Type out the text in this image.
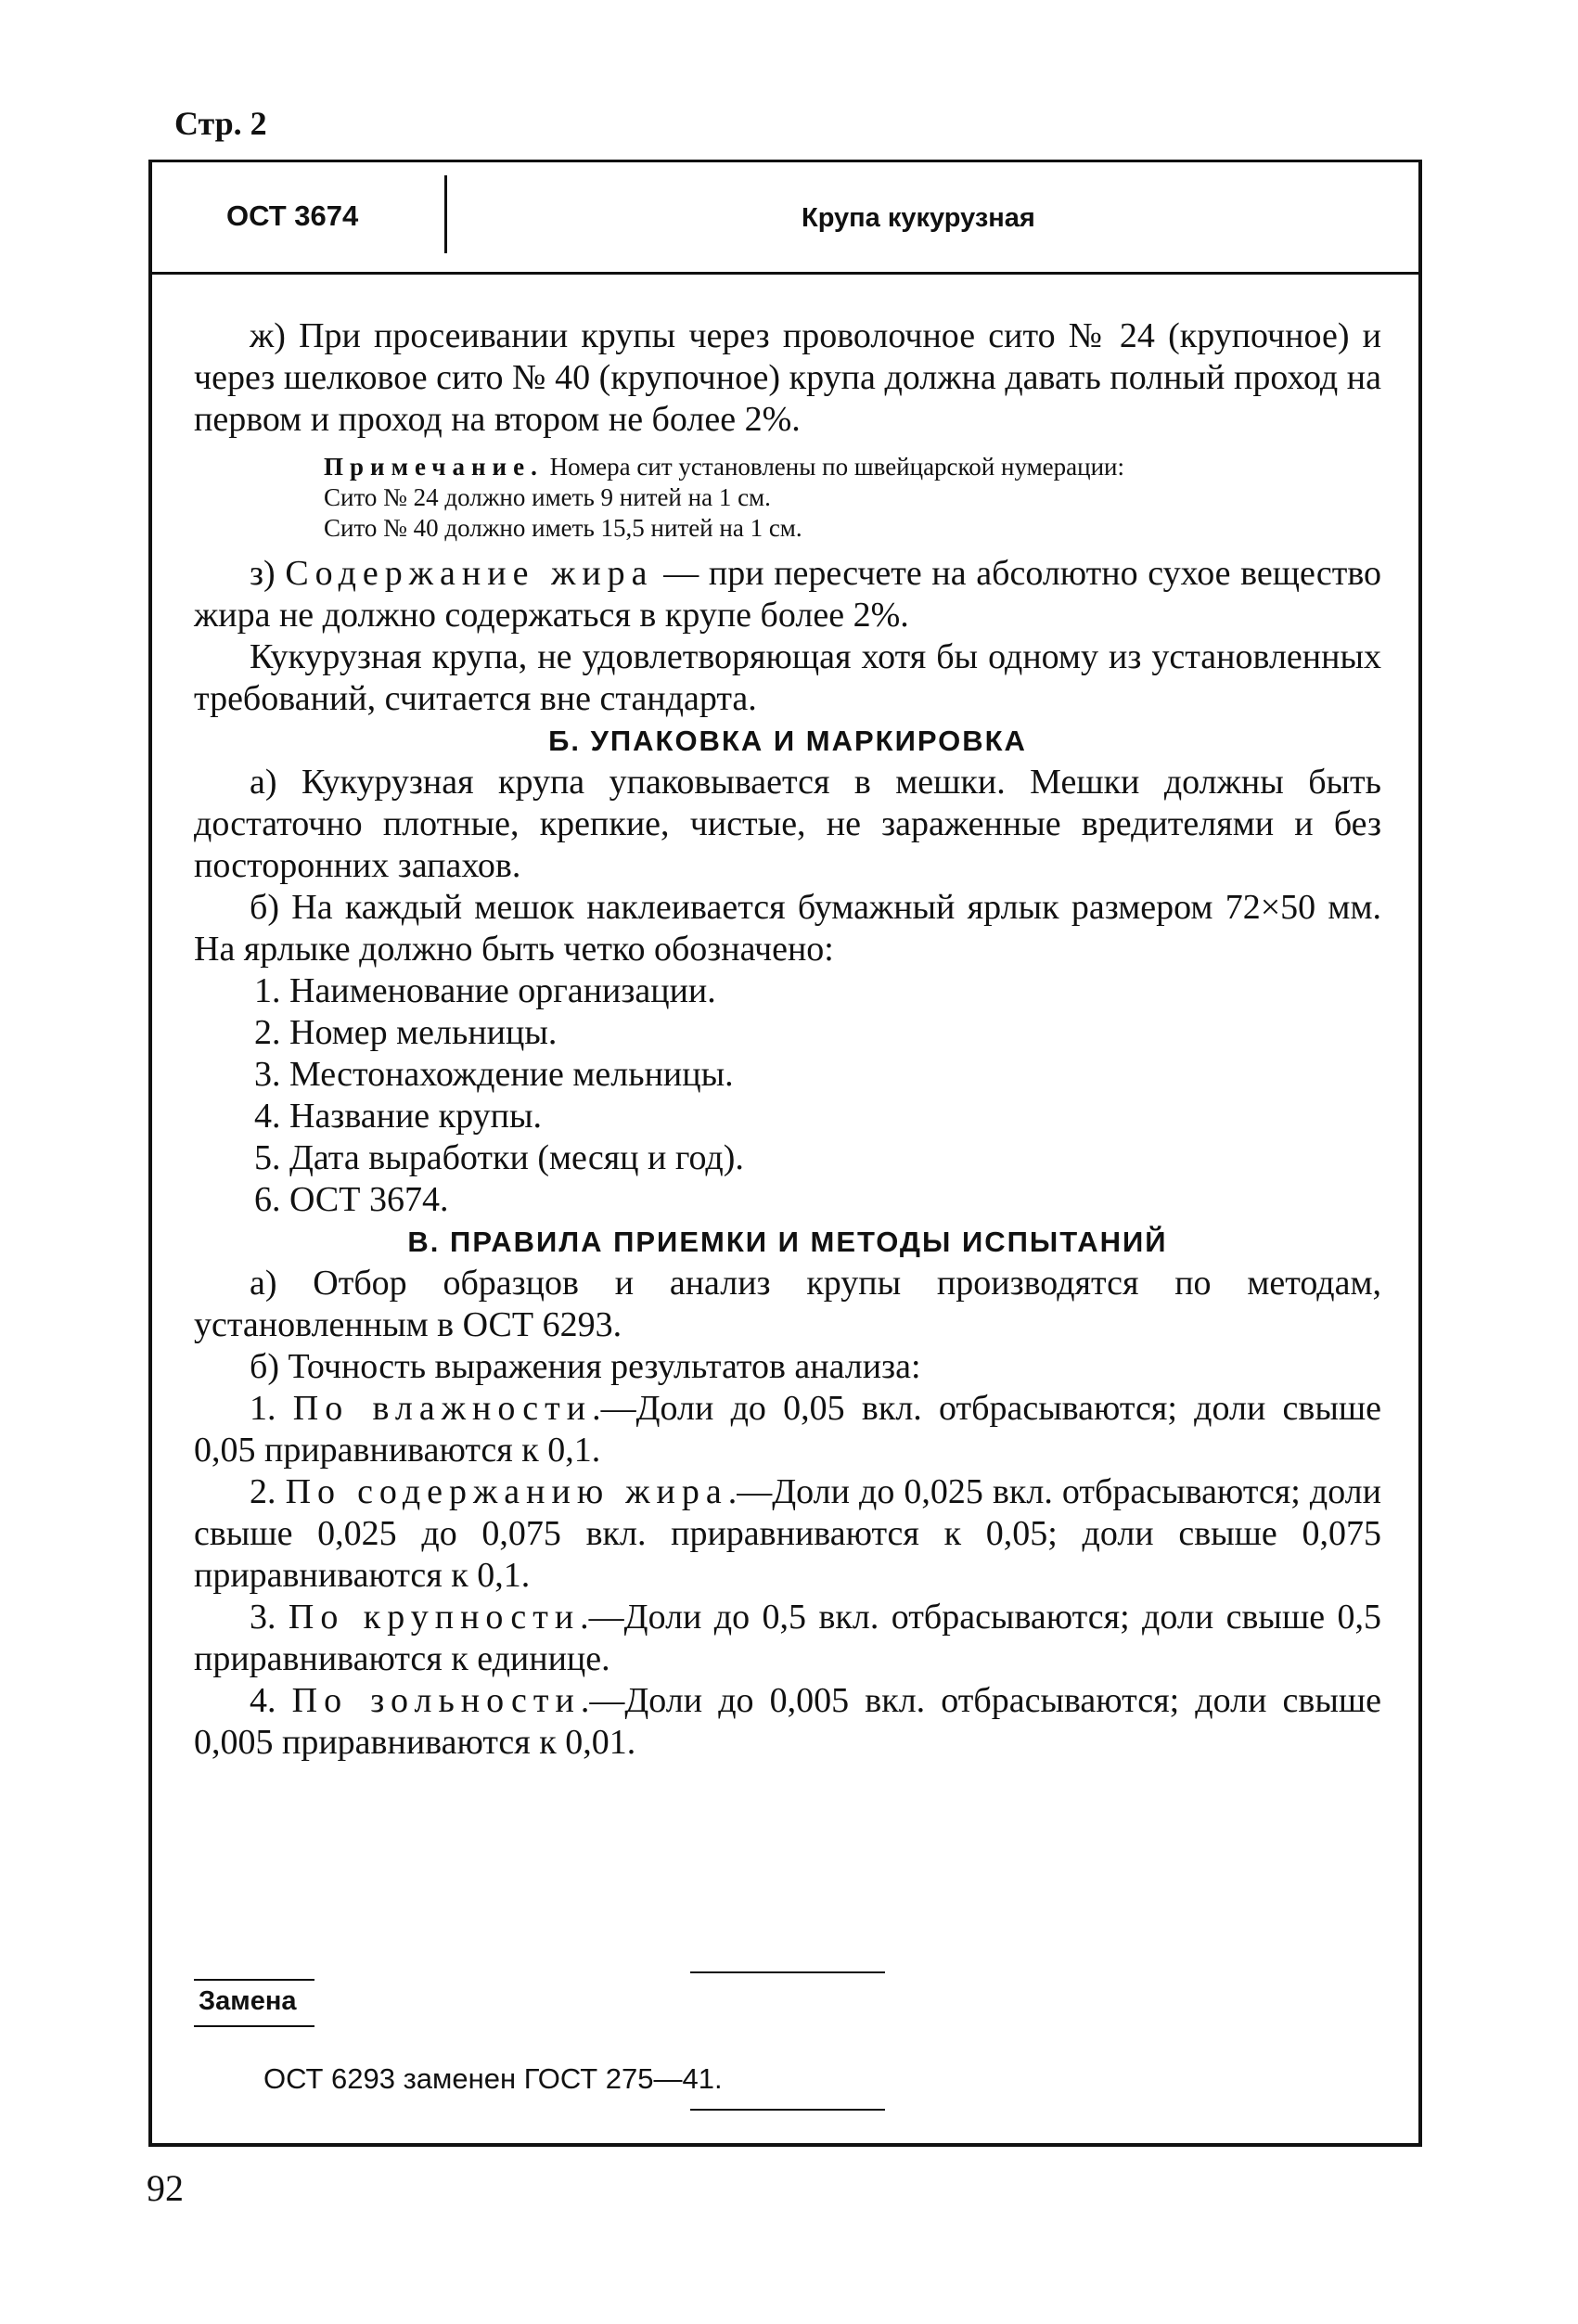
Стр. 2
ОСТ 3674	Крупа кукурузная

ж) При просеивании крупы через проволочное сито № 24 (крупочное) и через шелковое сито № 40 (крупочное) крупа должна давать полный проход на первом и проход на втором не более 2%.

Примечание. Номера сит установлены по швейцарской нумерации:

Сито № 24 должно иметь 9 нитей на 1 см.

Сито № 40 должно иметь 15,5 нитей на 1 см.

з) Содержание жира — при пересчете на абсолютно сухое вещество жира не должно содержаться в крупе более 2%.

Кукурузная крупа, не удовлетворяющая хотя бы одному из установленных требований, считается вне стандарта.

Б. УПАКОВКА И МАРКИРОВКА

а) Кукурузная крупа упаковывается в мешки. Мешки должны быть достаточно плотные, крепкие, чистые, не зараженные вредителями и без посторонних запахов.

б) На каждый мешок наклеивается бумажный ярлык размером 72×50 мм. На ярлыке должно быть четко обозначено:

1. Наименование организации.

2. Номер мельницы.

3. Местонахождение мельницы.

4. Название крупы.

5. Дата выработки (месяц и год).

6. ОСТ 3674.

В. ПРАВИЛА ПРИЕМКИ И МЕТОДЫ ИСПЫТАНИЙ

а) Отбор образцов и анализ крупы производятся по методам, установленным в ОСТ 6293.

б) Точность выражения результатов анализа:

1. По влажности.—Доли до 0,05 вкл. отбрасываются; доли свыше 0,05 приравниваются к 0,1.

2. По содержанию жира.—Доли до 0,025 вкл. отбрасываются; доли свыше 0,025 до 0,075 вкл. приравниваются к 0,05; доли свыше 0,075 приравниваются к 0,1.

3. По крупности.—Доли до 0,5 вкл. отбрасываются; доли свыше 0,5 приравниваются к единице.

4. По зольности.—Доли до 0,005 вкл. отбрасываются; доли свыше 0,005 приравниваются к 0,01.

Замена
ОСТ 6293 заменен ГОСТ 275—41.
92
